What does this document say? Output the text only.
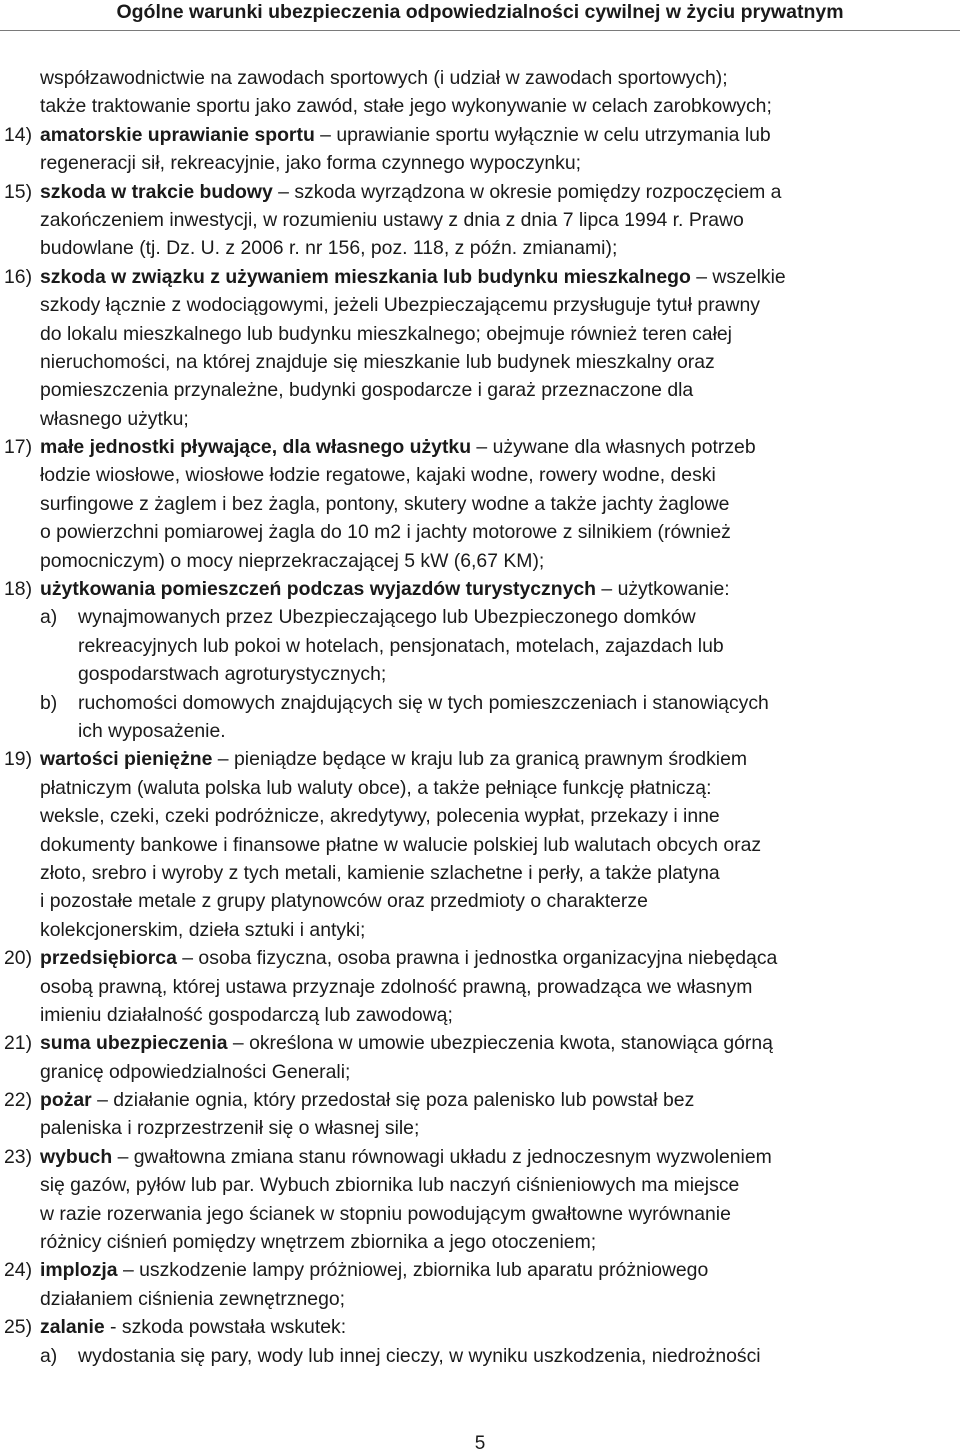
Ogólne warunki ubezpieczenia odpowiedzialności cywilnej w życiu prywatnym
współzawodnictwie na zawodach sportowych (i udział w zawodach sportowych);
także traktowanie sportu jako zawód, stałe jego wykonywanie w celach zarobkowych;
14) amatorskie uprawianie sportu – uprawianie sportu wyłącznie w celu utrzymania lub
regeneracji sił, rekreacyjnie, jako forma czynnego wypoczynku;
15) szkoda w trakcie budowy – szkoda wyrządzona w okresie pomiędzy rozpoczęciem a
zakończeniem inwestycji, w rozumieniu ustawy z dnia z dnia 7 lipca 1994 r. Prawo
budowlane (tj. Dz. U. z 2006 r. nr 156, poz. 118, z późn. zmianami);
16) szkoda w związku z używaniem mieszkania lub budynku mieszkalnego – wszelkie
szkody łącznie z wodociągowymi, jeżeli Ubezpieczającemu przysługuje tytuł prawny
do lokalu mieszkalnego lub budynku mieszkalnego; obejmuje również teren całej
nieruchomości, na której znajduje się mieszkanie lub budynek mieszkalny oraz
pomieszczenia przynależne, budynki gospodarcze i garaż przeznaczone dla
własnego użytku;
17) małe jednostki pływające, dla własnego użytku – używane dla własnych potrzeb
łodzie wiosłowe, wiosłowe łodzie regatowe, kajaki wodne, rowery wodne, deski
surfingowe z żaglem i bez żagla, pontony, skutery wodne a także jachty żaglowe
o powierzchni pomiarowej żagla do 10 m2 i jachty motorowe z silnikiem (również
pomocniczym) o mocy nieprzekraczającej 5 kW (6,67 KM);
18) użytkowania pomieszczeń podczas wyjazdów turystycznych – użytkowanie:
a) wynajmowanych przez Ubezpieczającego lub Ubezpieczonego domków
rekreacyjnych lub pokoi w hotelach, pensjonatach, motelach, zajazdach lub
gospodarstwach agroturystycznych;
b) ruchomości domowych znajdujących się w tych pomieszczeniach i stanowiących
ich wyposażenie.
19) wartości pieniężne – pieniądze będące w kraju lub za granicą prawnym środkiem
płatniczym (waluta polska lub waluty obce), a także pełniące funkcję płatniczą:
weksle, czeki, czeki podróżnicze, akredytywy, polecenia wypłat, przekazy i inne
dokumenty bankowe i finansowe płatne w walucie polskiej lub walutach obcych oraz
złoto, srebro i wyroby z tych metali, kamienie szlachetne i perły, a także platyna
i pozostałe metale z grupy platynowców oraz przedmioty o charakterze
kolekcjonerskim, dzieła sztuki i antyki;
20) przedsiębiorca – osoba fizyczna, osoba prawna i jednostka organizacyjna niebędąca
osobą prawną, której ustawa przyznaje zdolność prawną, prowadząca we własnym
imieniu działalność gospodarczą lub zawodową;
21) suma ubezpieczenia – określona w umowie ubezpieczenia kwota, stanowiąca górną
granicę odpowiedzialności Generali;
22) pożar – działanie ognia, który przedostał się poza palenisko lub powstał bez
paleniska i rozprzestrzenił się o własnej sile;
23) wybuch – gwałtowna zmiana stanu równowagi układu z jednoczesnym wyzwoleniem
się gazów, pyłów lub par. Wybuch zbiornika lub naczyń ciśnieniowych ma miejsce
w razie rozerwania jego ścianek w stopniu powodującym gwałtowne wyrównanie
różnicy ciśnień pomiędzy wnętrzem zbiornika a jego otoczeniem;
24) implozja – uszkodzenie lampy próżniowej, zbiornika lub aparatu próżniowego
działaniem ciśnienia zewnętrznego;
25) zalanie - szkoda powstała wskutek:
a) wydostania się pary, wody lub innej cieczy, w wyniku uszkodzenia, niedrożności
5
